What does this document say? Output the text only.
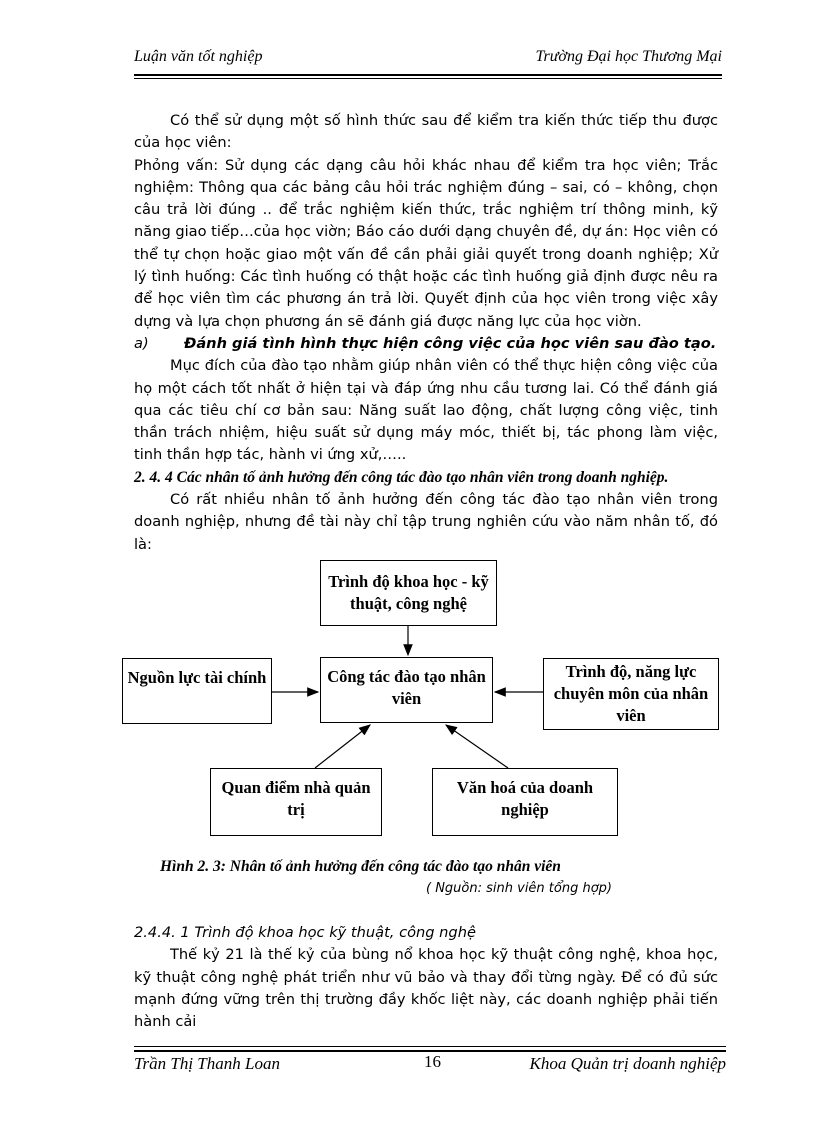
Luận văn tốt nghiệp	Trường Đại học Thương Mại

Có thể sử dụng một số hình thức sau để kiểm tra kiến thức tiếp thu được của học viên:

Phỏng vấn: Sử dụng các dạng câu hỏi khác nhau để kiểm tra học viên; Trắc nghiệm: Thông qua các bảng câu hỏi trác nghiệm đúng – sai, có – không, chọn câu trả lời đúng .. để trắc nghiệm kiến thức, trắc nghiệm trí thông minh, kỹ năng giao tiếp…của học viờn; Báo cáo dưới dạng chuyên đề, dự án: Học viên có thể tự chọn hoặc giao một vấn đề cần phải giải quyết trong doanh nghiệp; Xử lý tình huống: Các tình huống có thật hoặc các tình huống giả định được nêu ra để học viên tìm các phương án trả lời. Quyết định của học viên trong việc xây dựng và lựa chọn phương án sẽ đánh giá được năng lực của học viờn.

a) Đánh giá tình hình thực hiện công việc của học viên sau đào tạo.

Mục đích của đào tạo nhằm giúp nhân viên có thể thực hiện công việc của họ một cách tốt nhất ở hiện tại và đáp ứng nhu cầu tương lai. Có thể đánh giá qua các tiêu chí cơ bản sau: Năng suất lao động, chất lượng công việc, tinh thần trách nhiệm, hiệu suất sử dụng máy móc, thiết bị, tác phong làm việc, tinh thần hợp tác, hành vi ứng xử,…..

2. 4. 4 Các nhân tố ảnh hưởng đến công tác đào tạo nhân viên trong doanh nghiệp.

Có rất nhiều nhân tố ảnh hưởng đến công tác đào tạo nhân viên trong doanh nghiệp, nhưng đề tài này chỉ tập trung nghiên cứu vào năm nhân tố, đó là:

Trình độ khoa học - kỹ thuật, công nghệ
Công tác đào tạo nhân viên
Nguồn lực tài chính	Trình độ, năng lực chuyên môn của nhân viên
Quan điểm nhà quản trị
Văn hoá của doanh nghiệp
Hình 2. 3: Nhân tố ảnh hưởng đến công tác đào tạo nhân viên
( Nguồn: sinh viên tổng hợp)

2.4.4. 1 Trình độ khoa học kỹ thuật, công nghệ

Thế kỷ 21 là thế kỷ của bùng nổ khoa học kỹ thuật công nghệ, khoa học, kỹ thuật công nghệ phát triển như vũ bảo và thay đổi từng ngày. Để có đủ sức mạnh đứng vững trên thị trường đầy khốc liệt này, các doanh nghiệp phải tiến hành cải

Trần Thị Thanh Loan	16	Khoa Quản trị doanh nghiệp
